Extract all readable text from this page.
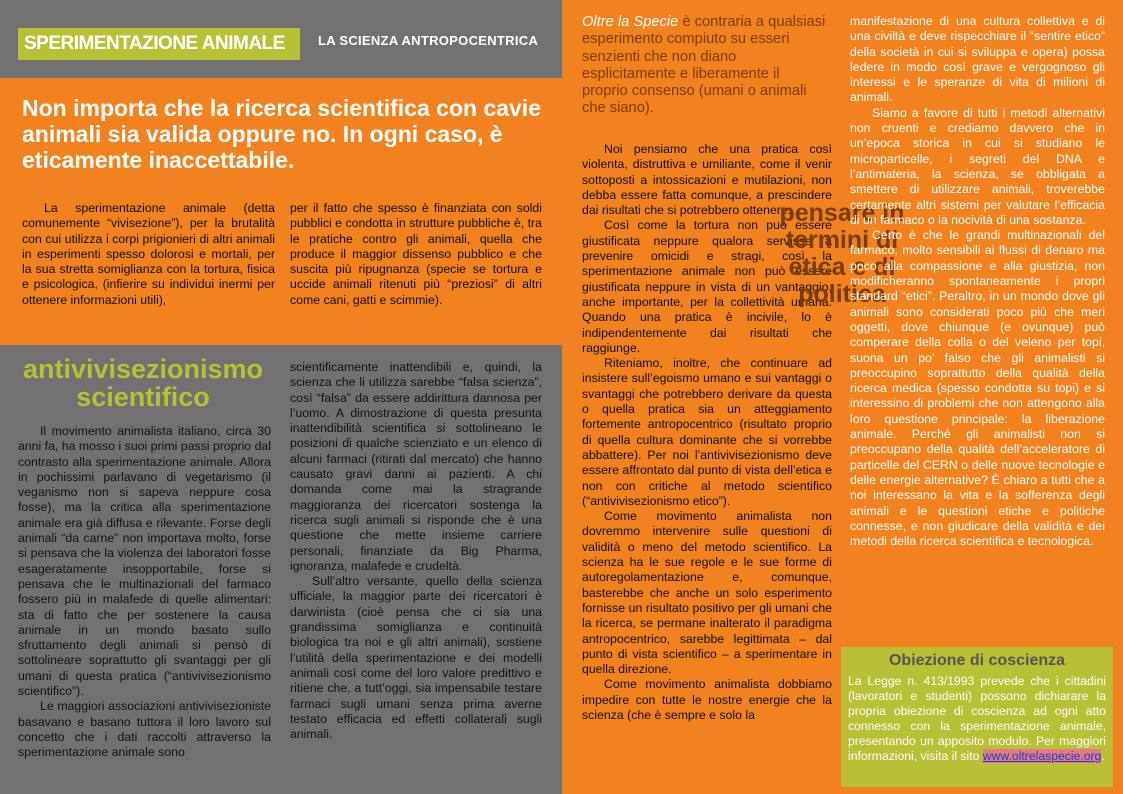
SPERIMENTAZIONE ANIMALE	LA SCIENZA ANTROPOCENTRICA
Non importa che la ricerca scientifica con cavie animali sia valida oppure no. In ogni caso, è eticamente inaccettabile.

La sperimentazione animale (detta comunemente “vivisezione”), per la brutalità con cui utilizza i corpi prigionieri di altri animali in esperimenti spesso dolorosi e mortali, per la sua stretta somiglianza con la tortura, fisica e psicologica, (infierire su individui inermi per ottenere informazioni utili),

per il fatto che spesso è finanziata con soldi pubblici e condotta in strutture pubbliche è, tra le pratiche contro gli animali, quella che produce il maggior dissenso pubblico e che suscita più ripugnanza (specie se tortura e uccide animali ritenuti più “preziosi” di altri come cani, gatti e scimmie).

antivivisezionismo scientifico

Il movimento animalista italiano, circa 30 anni fa, ha mosso i suoi primi passi proprio dal contrasto alla sperimentazione animale. Allora in pochissimi parlavano di vegetarismo (il veganismo non si sapeva neppure cosa fosse), ma la critica alla sperimentazione animale era già diffusa e rilevante. Forse degli animali “da carne” non importava molto, forse si pensava che la violenza dei laboratori fosse esageratamente insopportabile, forse si pensava che le multinazionali del farmaco fossero più in malafede di quelle alimentari: sta di fatto che per sostenere la causa animale in un mondo basato sullo sfruttamento degli animali si pensò di sottolineare soprattutto gli svantaggi per gli umani di questa pratica (“antivivisezionismo scientifico”).

Le maggiori associazioni antivivisezioniste basavano e basano tuttora il loro lavoro sul concetto che i dati raccolti attraverso la sperimentazione animale sono

scientificamente inattendibili e, quindi, la scienza che li utilizza sarebbe “falsa scienza”, così “falsa” da essere addirittura dannosa per l’uomo. A dimostrazione di questa presunta inattendibilità scientifica si sottolineano le posizioni di qualche scienziato e un elenco di alcuni farmaci (ritirati dal mercato) che hanno causato gravi danni ai pazienti. A chi domanda come mai la stragrande maggioranza dei ricercatori sostenga la ricerca sugli animali si risponde che è una questione che mette insieme carriere personali, finanziate da Big Pharma, ignoranza, malafede e crudeltà.

Sull’altro versante, quello della scienza ufficiale, la maggior parte dei ricercatori è darwinista (cioè pensa che ci sia una grandissima somiglianza e continuità biologica tra noi e gli altri animali), sostiene l’utilità della sperimentazione e dei modelli animali così come del loro valore predittivo e ritiene che, a tutt’oggi, sia impensabile testare farmaci sugli umani senza prima averne testato efficacia ed effetti collaterali sugli animali.

Oltre la Specie è contraria a qualsiasi esperimento compiuto su esseri senzienti che non diano esplicitamente e liberamente il proprio consenso (umani o animali che siano).

Noi pensiamo che una pratica così violenta, distruttiva e umiliante, come il venir sottoposti a intossicazioni e mutilazioni, non debba essere fatta comunque, a prescindere dai risultati che si potrebbero ottenere.

Così come la tortura non può essere giustificata neppure qualora servisse a prevenire omicidi e stragi, così la sperimentazione animale non può essere giustificata neppure in vista di un vantaggio, anche importante, per la collettività umana. Quando una pratica è incivile, lo è indipendentemente dai risultati che raggiunge.

Riteniamo, inoltre, che continuare ad insistere sull’egoismo umano e sui vantaggi o svantaggi che potrebbero derivare da questa o quella pratica sia un atteggiamento fortemente antropocentrico (risultato proprio di quella cultura dominante che si vorrebbe abbattere). Per noi l’antivivisezionismo deve essere affrontato dal punto di vista dell’etica e non con critiche al metodo scientifico (“antivivisezionismo etico”).

Come movimento animalista non dovremmo intervenire sulle questioni di validità o meno del metodo scientifico. La scienza ha le sue regole e le sue forme di autoregolamentazione e, comunque, basterebbe che anche un solo esperimento fornisse un risultato positivo per gli umani che la ricerca, se permane inalterato il paradigma antropocentrico, sarebbe legittimata – dal punto di vista scientifico – a sperimentare in quella direzione.

Come movimento animalista dobbiamo impedire con tutte le nostre energie che la scienza (che è sempre e solo la

pensare in termini di etica e di politica

manifestazione di una cultura collettiva e di una civiltà e deve rispecchiare il “sentire etico” della società in cui si sviluppa e opera) possa ledere in modo così grave e vergognoso gli interessi e le speranze di vita di milioni di animali.

Siamo a favore di tutti i metodi alternativi non cruenti e crediamo davvero che in un’epoca storica in cui si studiano le microparticelle, i segreti del DNA e l’antimateria, la scienza, se obbligata a smettere di utilizzare animali, troverebbe certamente altri sistemi per valutare l’efficacia di un farmaco o la nocività di una sostanza.

Certo è che le grandi multinazionali del farmaco, molto sensibili ai flussi di denaro ma poco alla compassione e alla giustizia, non modificheranno spontaneamente i propri standard “etici”. Peraltro, in un mondo dove gli animali sono considerati poco più che meri oggetti, dove chiunque (e ovunque) può comperare della colla o del veleno per topi, suona un po’ falso che gli animalisti si preoccupino soprattutto della qualità della ricerca medica (spesso condotta su topi) e si interessino di problemi che non attengono alla loro questione principale: la liberazione animale. Perché gli animalisti non si preoccupano della qualità dell’acceleratore di particelle del CERN o delle nuove tecnologie e delle energie alternative? È chiaro a tutti che a noi interessano la vita e la sofferenza degli animali e le questioni etiche e politiche connesse, e non giudicare della validità e dei metodi della ricerca scientifica e tecnologica.

Obiezione di coscienza
La Legge n. 413/1993 prevede che i cittadini (lavoratori e studenti) possono dichiarare la propria obiezione di coscienza ad ogni atto connesso con la sperimentazione animale, presentando un apposito modulo. Per maggiori informazioni, visita il sito www.oltrelaspecie.org.
